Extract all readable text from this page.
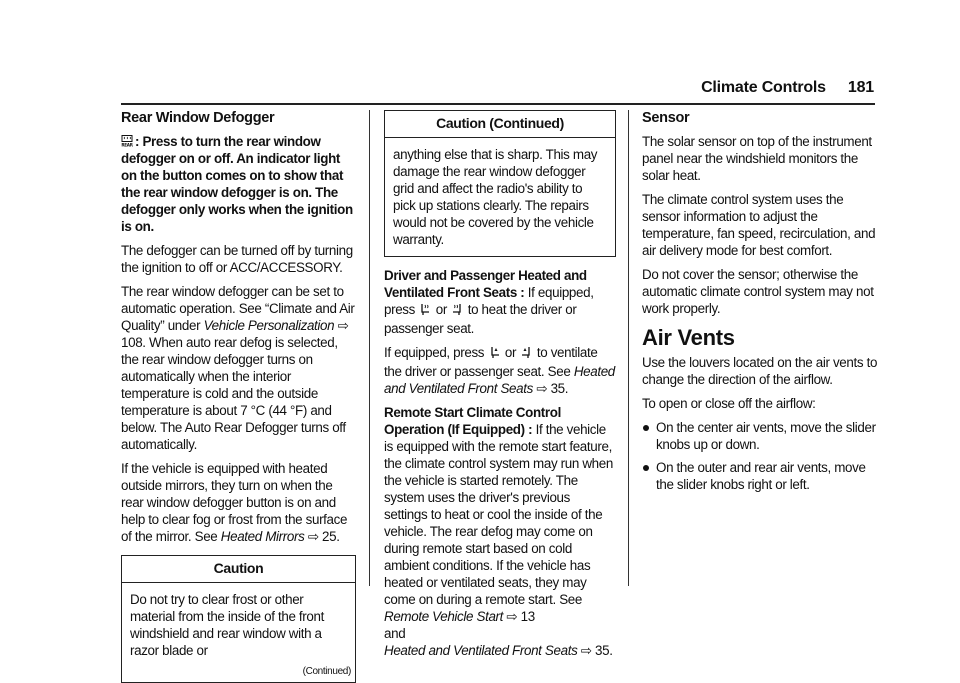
Climate Controls 181
Rear Window Defogger

REAR : Press to turn the rear window defogger on or off. An indicator light on the button comes on to show that the rear window defogger is on. The defogger only works when the ignition is on.

The defogger can be turned off by turning the ignition to off or ACC/ACCESSORY.

The rear window defogger can be set to automatic operation. See “Climate and Air Quality” under Vehicle Personalization ⇨ 108. When auto rear defog is selected, the rear window defogger turns on automatically when the interior temperature is cold and the outside temperature is about 7 °C (44 °F) and below. The Auto Rear Defogger turns off automatically.

If the vehicle is equipped with heated outside mirrors, they turn on when the rear window defogger button is on and help to clear fog or frost from the surface of the mirror. See Heated Mirrors ⇨ 25.

Caution
Do not try to clear frost or other material from the inside of the front windshield and rear window with a razor blade or
(Continued)
Caution (Continued)
anything else that is sharp. This may damage the rear window defogger grid and affect the radio's ability to pick up stations clearly. The repairs would not be covered by the vehicle warranty.

Driver and Passenger Heated and Ventilated Front Seats : If equipped, press  or  to heat the driver or passenger seat.

If equipped, press  or  to ventilate the driver or passenger seat. See Heated and Ventilated Front Seats ⇨ 35.

Remote Start Climate Control Operation (If Equipped) : If the vehicle is equipped with the remote start feature, the climate control system may run when the vehicle is started remotely. The system uses the driver's previous settings to heat or cool the inside of the vehicle. The rear defog may come on during remote start based on cold ambient conditions. If the vehicle has heated or ventilated seats, they may come on during a remote start. See Remote Vehicle Start ⇨ 13
and
Heated and Ventilated Front Seats ⇨ 35.

Sensor

The solar sensor on top of the instrument panel near the windshield monitors the solar heat.

The climate control system uses the sensor information to adjust the temperature, fan speed, recirculation, and air delivery mode for best comfort.

Do not cover the sensor; otherwise the automatic climate control system may not work properly.

Air Vents

Use the louvers located on the air vents to change the direction of the airflow.

To open or close off the airflow:

On the center air vents, move the slider knobs up or down.
On the outer and rear air vents, move the slider knobs right or left.
